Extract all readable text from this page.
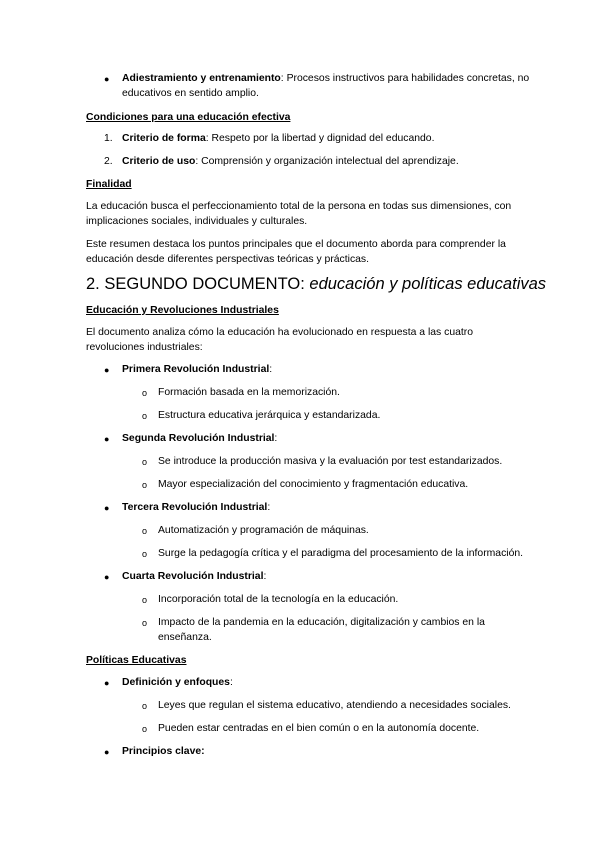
● Adiestramiento y entrenamiento: Procesos instructivos para habilidades concretas, no
educativos en sentido amplio.
Condiciones para una educación efectiva
1. Criterio de forma: Respeto por la libertad y dignidad del educando.
2. Criterio de uso: Comprensión y organización intelectual del aprendizaje.
Finalidad
La educación busca el perfeccionamiento total de la persona en todas sus dimensiones, con
implicaciones sociales, individuales y culturales.
Este resumen destaca los puntos principales que el documento aborda para comprender la
educación desde diferentes perspectivas teóricas y prácticas.
2. SEGUNDO DOCUMENTO: educación y políticas educativas
Educación y Revoluciones Industriales
El documento analiza cómo la educación ha evolucionado en respuesta a las cuatro
revoluciones industriales:
● Primera Revolución Industrial:
o Formación basada en la memorización.
o Estructura educativa jerárquica y estandarizada.
● Segunda Revolución Industrial:
o Se introduce la producción masiva y la evaluación por test estandarizados.
o Mayor especialización del conocimiento y fragmentación educativa.
● Tercera Revolución Industrial:
o Automatización y programación de máquinas.
o Surge la pedagogía crítica y el paradigma del procesamiento de la información.
● Cuarta Revolución Industrial:
o Incorporación total de la tecnología en la educación.
o Impacto de la pandemia en la educación, digitalización y cambios en la
enseñanza.
Políticas Educativas
● Definición y enfoques:
o Leyes que regulan el sistema educativo, atendiendo a necesidades sociales.
o Pueden estar centradas en el bien común o en la autonomía docente.
● Principios clave:
